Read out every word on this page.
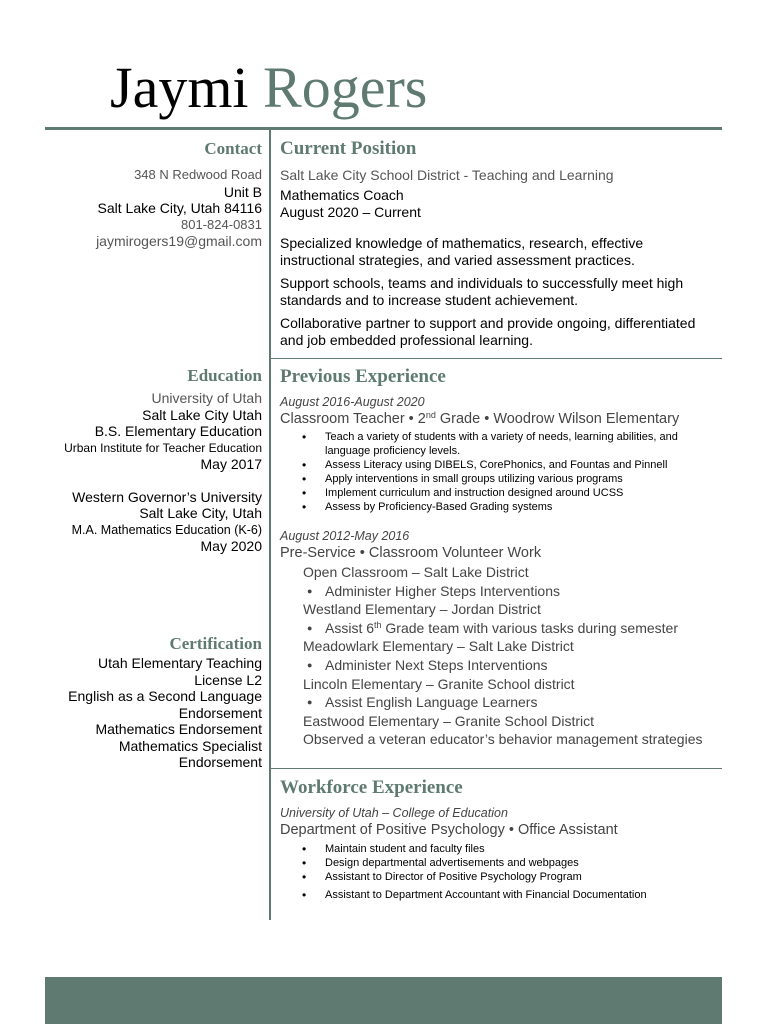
Jaymi Rogers
Contact
348 N Redwood Road
Unit B
Salt Lake City, Utah 84116
801-824-0831
jaymirogers19@gmail.com
Education
University of Utah
Salt Lake City Utah
B.S. Elementary Education
Urban Institute for Teacher Education
May 2017
Western Governor’s University
Salt Lake City, Utah
M.A. Mathematics Education (K-6)
May 2020
Certification
Utah Elementary Teaching
License L2
English as a Second Language
Endorsement
Mathematics Endorsement
Mathematics Specialist
Endorsement
Current Position
Salt Lake City School District - Teaching and Learning
Mathematics Coach
August 2020 – Current
Specialized knowledge of mathematics, research, effective instructional strategies, and varied assessment practices.
Support schools, teams and individuals to successfully meet high standards and to increase student achievement.
Collaborative partner to support and provide ongoing, differentiated and job embedded professional learning.
Previous Experience
August 2016-August 2020
Classroom Teacher • 2nd Grade • Woodrow Wilson Elementary
• Teach a variety of students with a variety of needs, learning abilities, and language proficiency levels.
• Assess Literacy using DIBELS, CorePhonics, and Fountas and Pinnell
• Apply interventions in small groups utilizing various programs
• Implement curriculum and instruction designed around UCSS
• Assess by Proficiency-Based Grading systems
August 2012-May 2016
Pre-Service • Classroom Volunteer Work
Open Classroom – Salt Lake District
● Administer Higher Steps Interventions
Westland Elementary – Jordan District
● Assist 6th Grade team with various tasks during semester
Meadowlark Elementary – Salt Lake District
● Administer Next Steps Interventions
Lincoln Elementary – Granite School district
● Assist English Language Learners
Eastwood Elementary – Granite School District
Observed a veteran educator’s behavior management strategies
Workforce Experience
University of Utah – College of Education
Department of Positive Psychology • Office Assistant
• Maintain student and faculty files
• Design departmental advertisements and webpages
• Assistant to Director of Positive Psychology Program
• Assistant to Department Accountant with Financial Documentation
